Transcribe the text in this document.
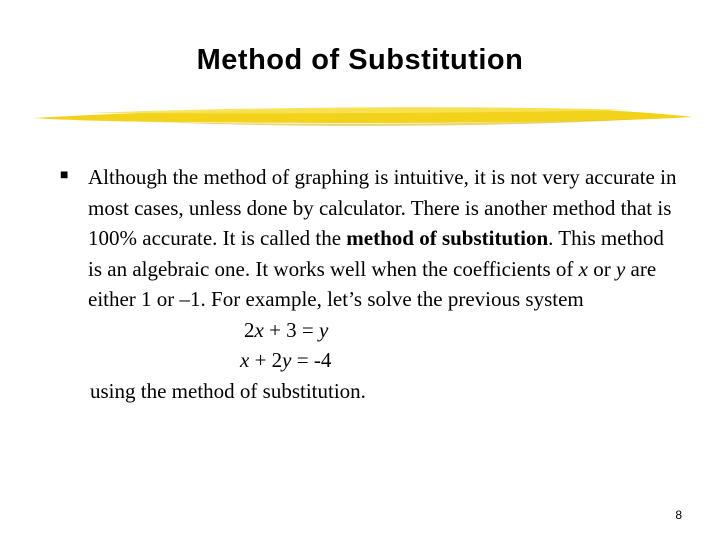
Method of Substitution
■ Although the method of graphing is intuitive, it is not very accurate in most cases, unless done by calculator. There is another method that is 100% accurate. It is called the method of substitution. This method is an algebraic one. It works well when the coefficients of x or y are either 1 or –1. For example, let’s solve the previous system

2x + 3 = y

x + 2y = -4

using the method of substitution.

8
